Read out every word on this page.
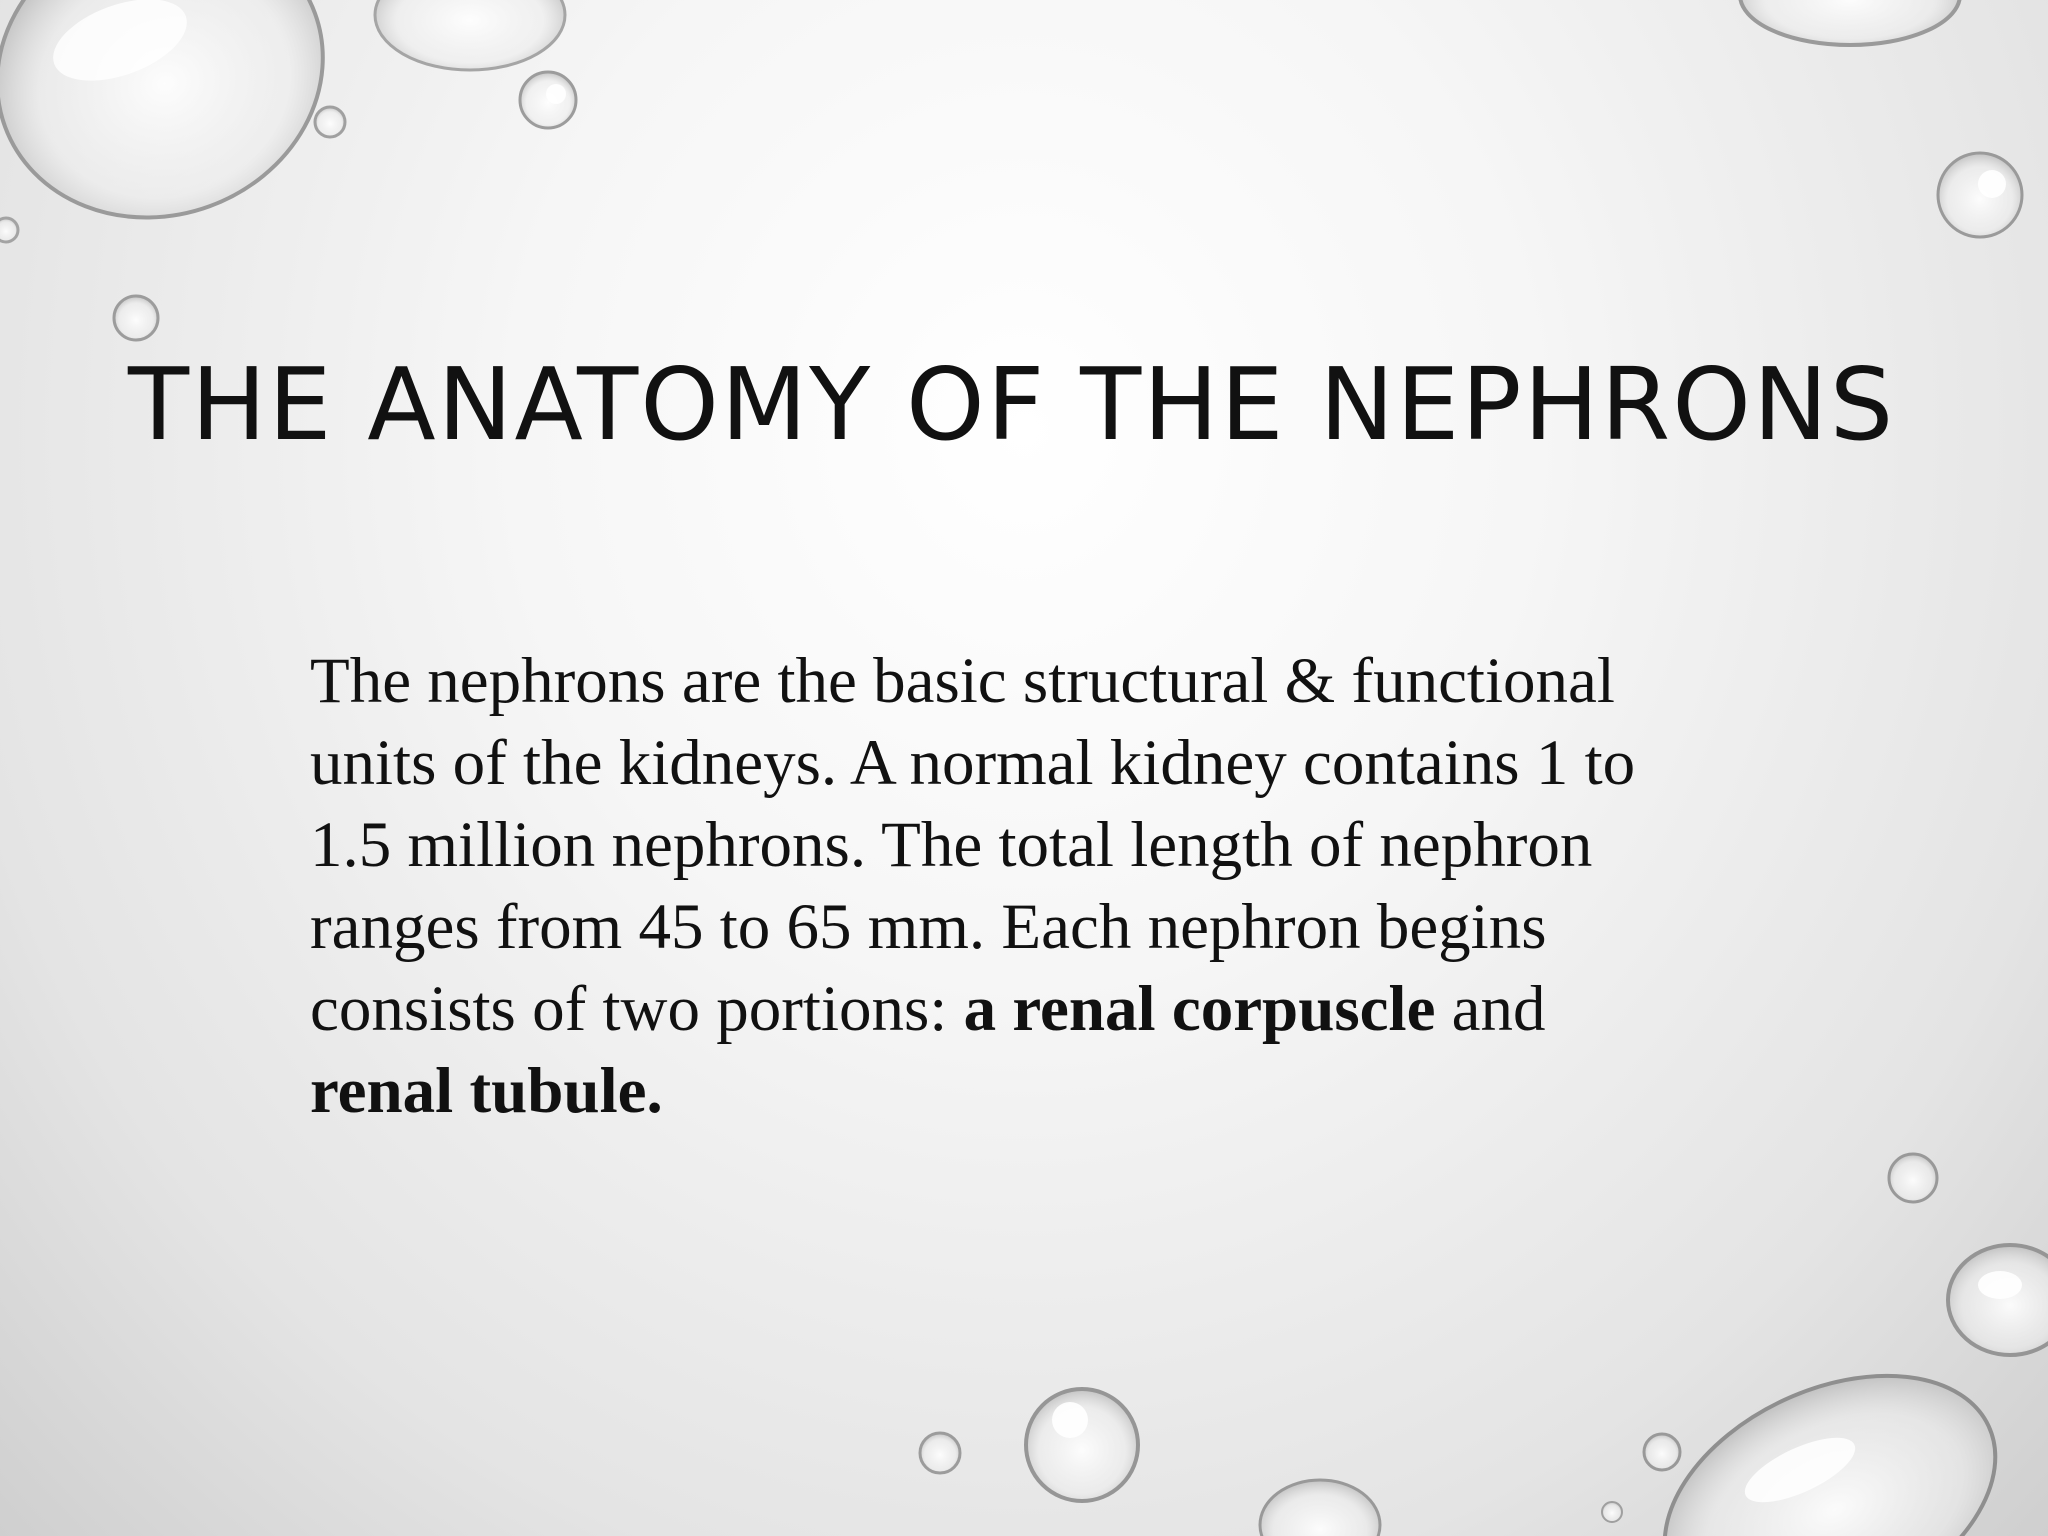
THE ANATOMY OF THE NEPHRONS

The nephrons are the basic structural & functional units of the kidneys. A normal kidney contains 1 to 1.5 million nephrons. The total length of nephron ranges from 45 to 65 mm. Each nephron begins consists of two portions: a renal corpuscle and renal tubule.
